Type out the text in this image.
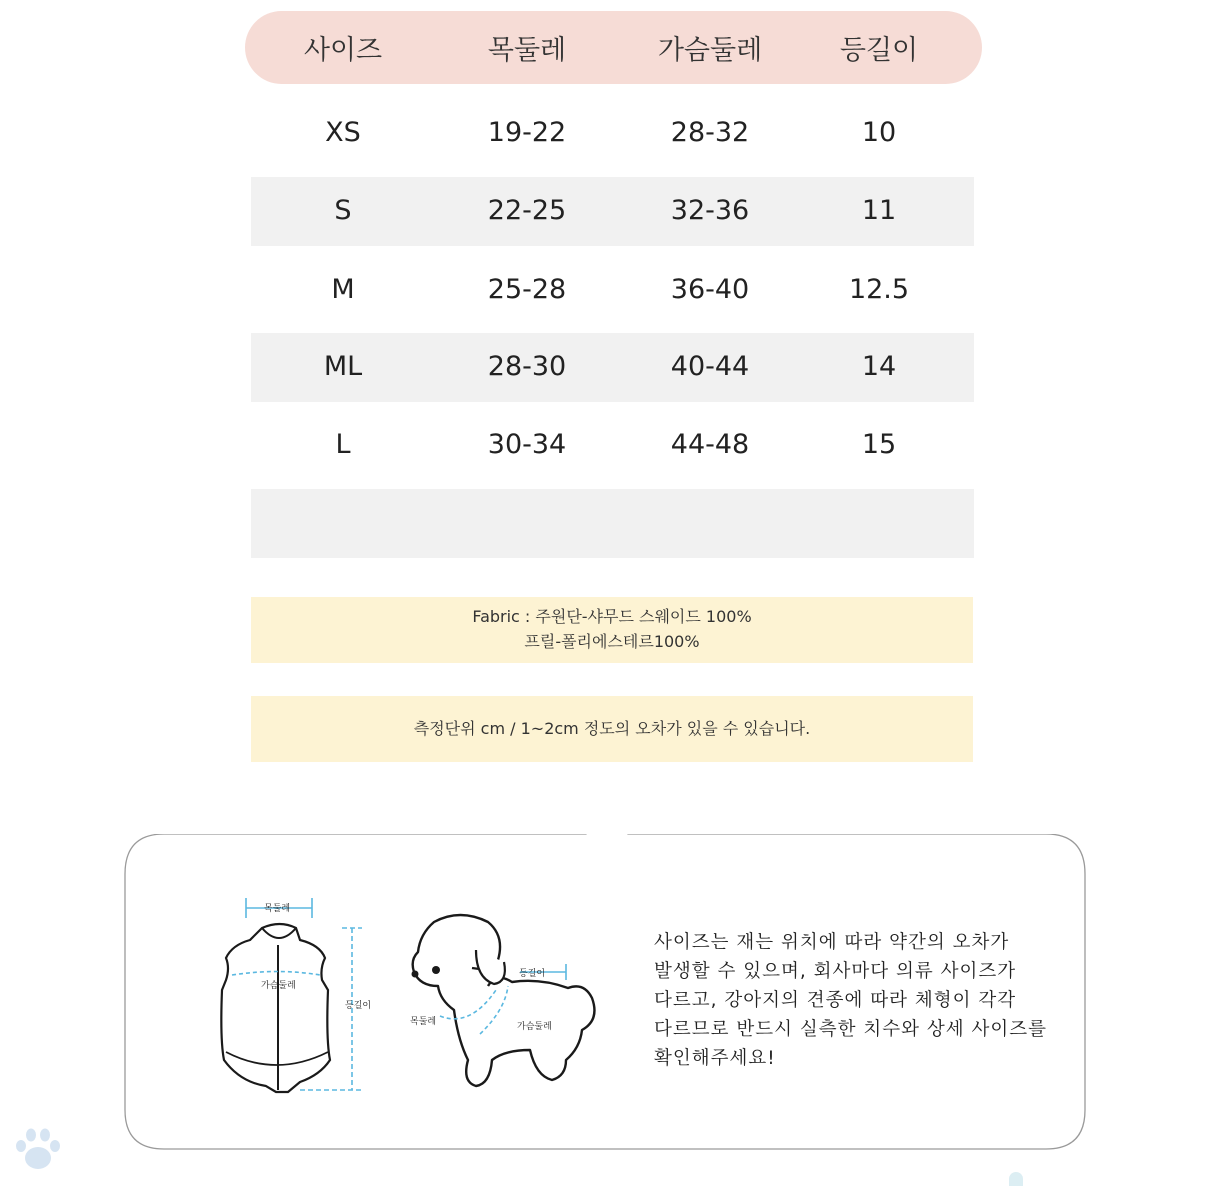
사이즈	목둘레	가슴둘레	등길이
XS	19-22	28-32	10
S	22-25	32-36	11
M	25-28	36-40	12.5
ML	28-30	40-44	14
L	30-34	44-48	15
Fabric : 주원단-샤무드 스웨이드 100%
프릴-폴리에스테르100%
측정단위 cm / 1~2cm 정도의 오차가 있을 수 있습니다.
목둘레
가슴둘레
등길이
등길이
목둘레	가슴둘레
사이즈는 재는 위치에 따라 약간의 오차가
발생할 수 있으며, 회사마다 의류 사이즈가
다르고, 강아지의 견종에 따라 체형이 각각
다르므로 반드시 실측한 치수와 상세 사이즈를
확인해주세요!
